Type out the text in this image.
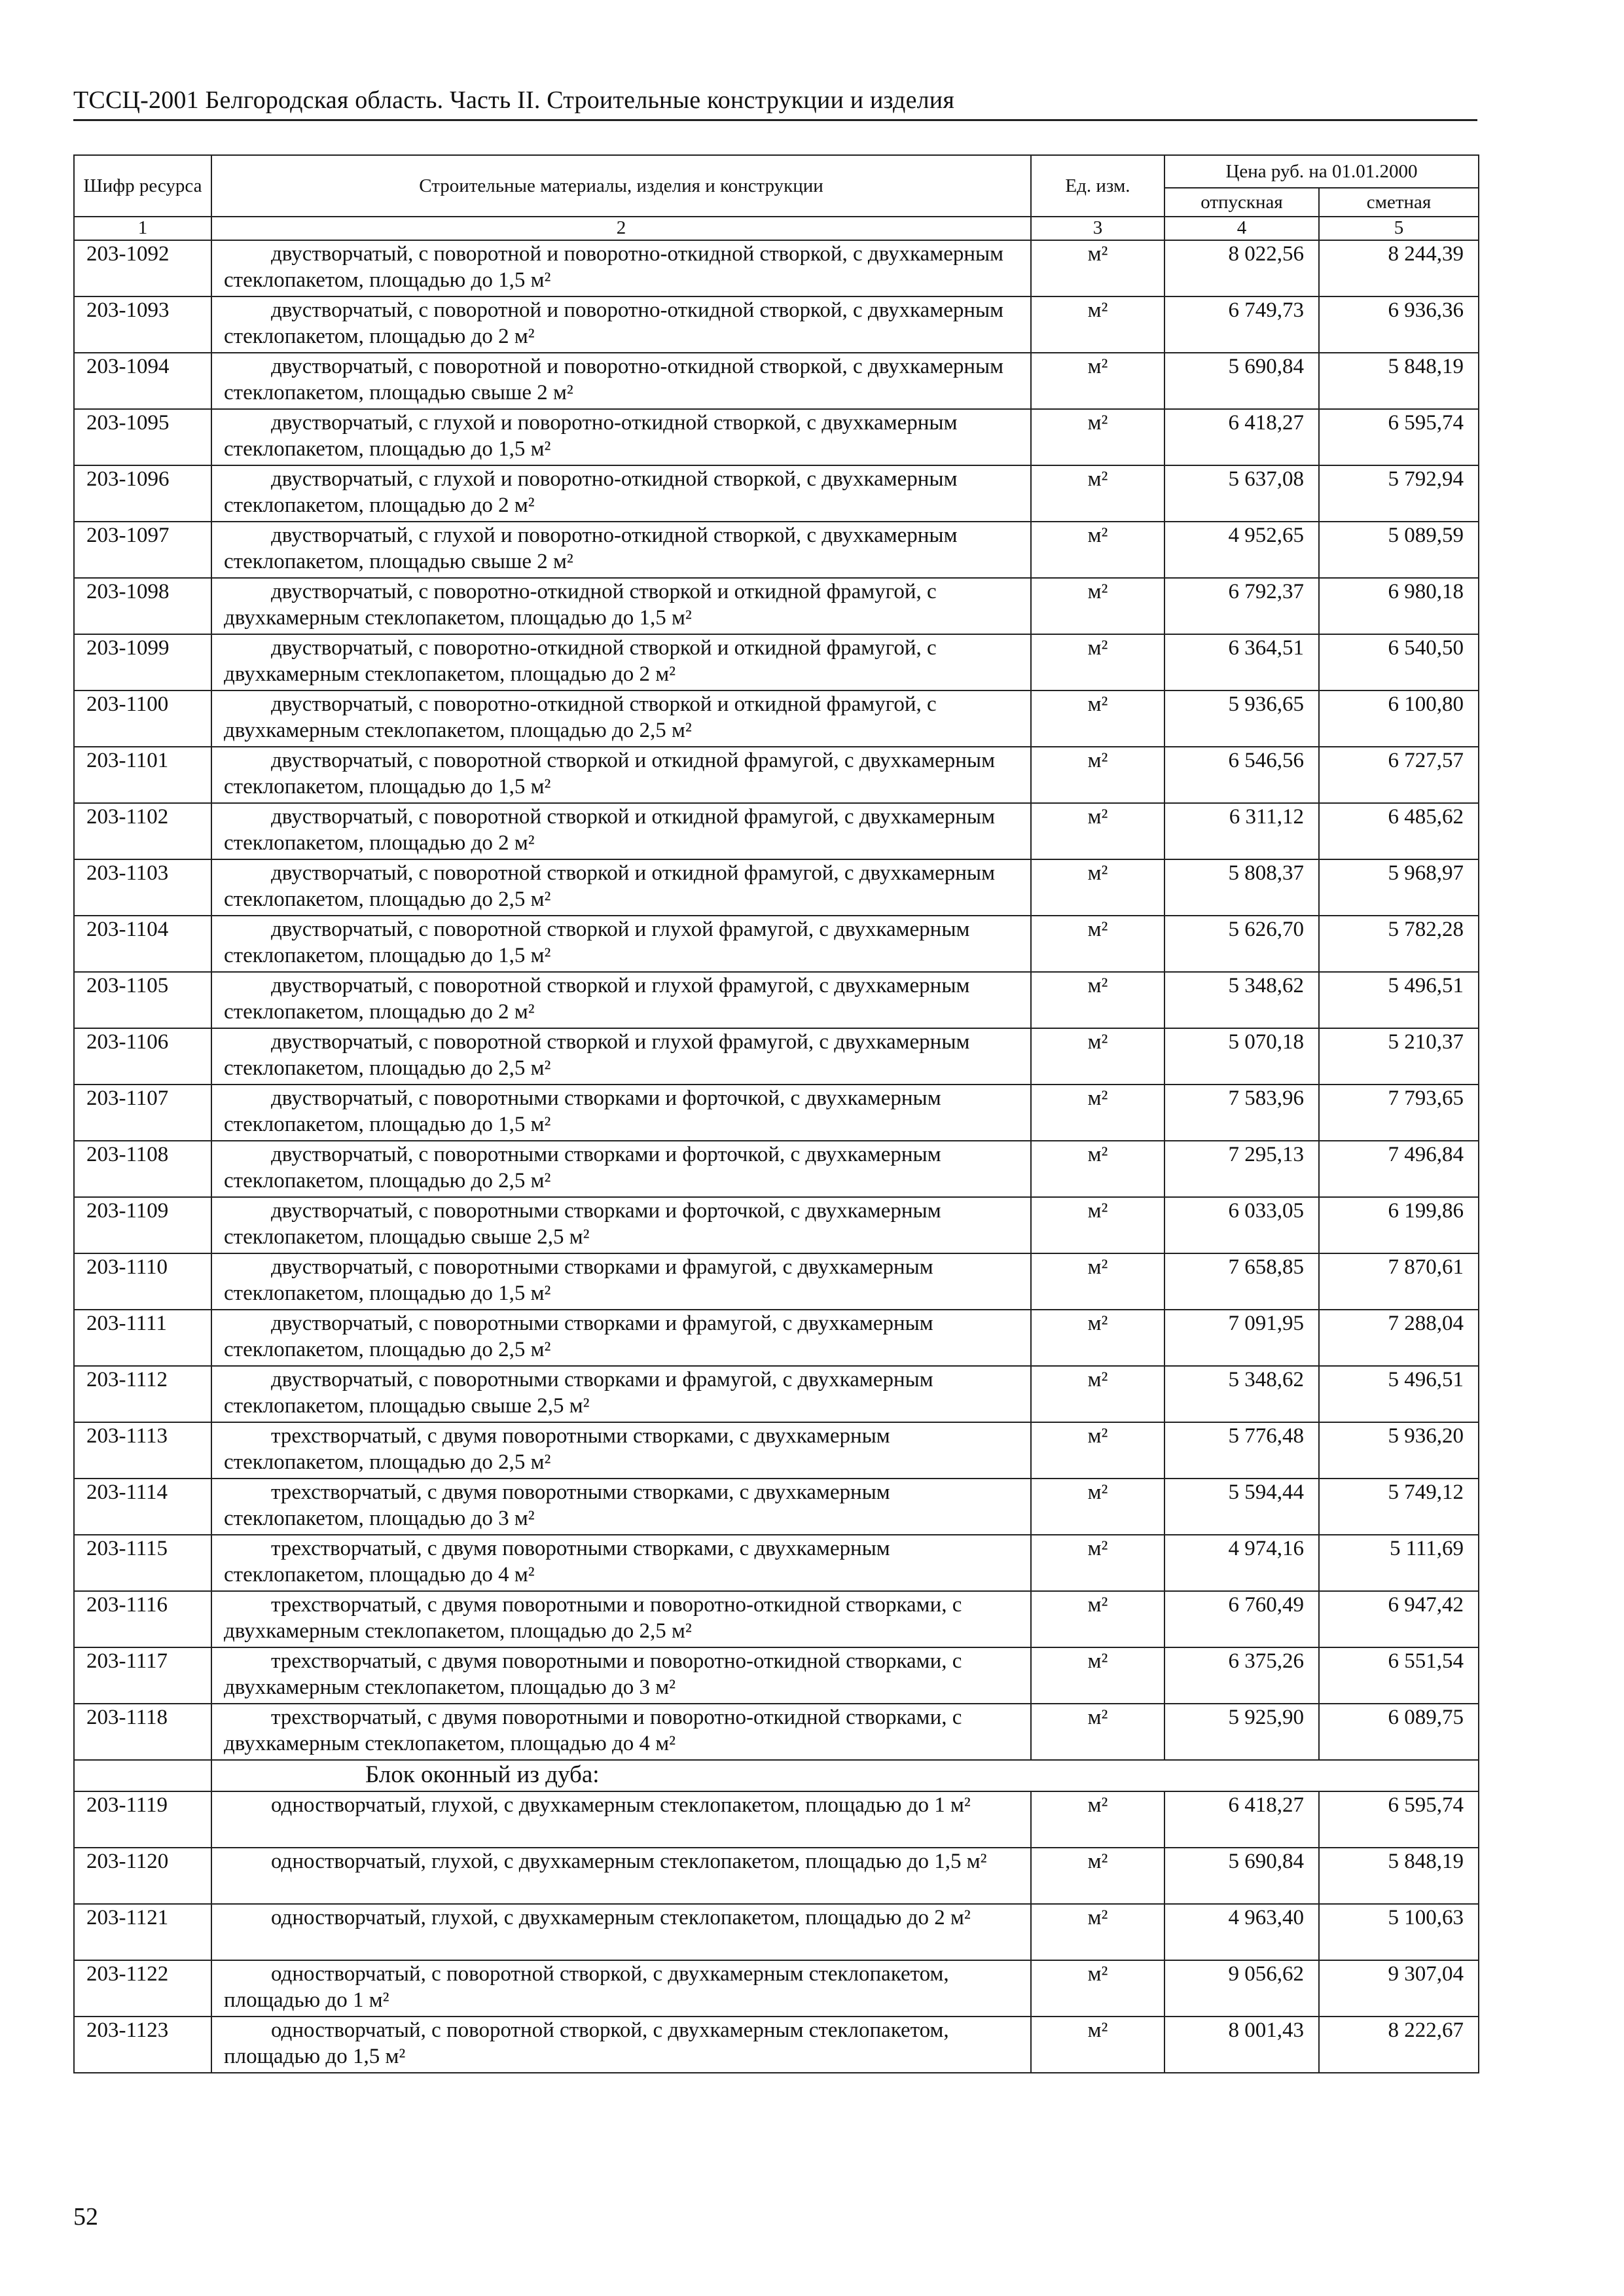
ТССЦ-2001 Белгородская область. Часть II. Строительные конструкции и изделия
Шифр ресурса	Строительные материалы, изделия и конструкции	Ед. изм.	Цена руб. на 01.01.2000	
			отпускная	сметная
1	2	3	4	5
203-1092	двустворчатый, с поворотной и поворотно-откидной створкой, с двухкамерным стеклопакетом, площадью до 1,5 м²	м²	8 022,56	8 244,39
203-1093	двустворчатый, с поворотной и поворотно-откидной створкой, с двухкамерным стеклопакетом, площадью до 2 м²	м²	6 749,73	6 936,36
203-1094	двустворчатый, с поворотной и поворотно-откидной створкой, с двухкамерным стеклопакетом, площадью свыше 2 м²	м²	5 690,84	5 848,19
203-1095	двустворчатый, с глухой и поворотно-откидной створкой, с двухкамерным стеклопакетом, площадью до 1,5 м²	м²	6 418,27	6 595,74
203-1096	двустворчатый, с глухой и поворотно-откидной створкой, с двухкамерным стеклопакетом, площадью до 2 м²	м²	5 637,08	5 792,94
203-1097	двустворчатый, с глухой и поворотно-откидной створкой, с двухкамерным стеклопакетом, площадью свыше 2 м²	м²	4 952,65	5 089,59
203-1098	двустворчатый, с поворотно-откидной створкой и откидной фрамугой, с двухкамерным стеклопакетом, площадью до 1,5 м²	м²	6 792,37	6 980,18
203-1099	двустворчатый, с поворотно-откидной створкой и откидной фрамугой, с двухкамерным стеклопакетом, площадью до 2 м²	м²	6 364,51	6 540,50
203-1100	двустворчатый, с поворотно-откидной створкой и откидной фрамугой, с двухкамерным стеклопакетом, площадью до 2,5 м²	м²	5 936,65	6 100,80
203-1101	двустворчатый, с поворотной створкой и откидной фрамугой, с двухкамерным стеклопакетом, площадью до 1,5 м²	м²	6 546,56	6 727,57
203-1102	двустворчатый, с поворотной створкой и откидной фрамугой, с двухкамерным стеклопакетом, площадью до 2 м²	м²	6 311,12	6 485,62
203-1103	двустворчатый, с поворотной створкой и откидной фрамугой, с двухкамерным стеклопакетом, площадью до 2,5 м²	м²	5 808,37	5 968,97
203-1104	двустворчатый, с поворотной створкой и глухой фрамугой, с двухкамерным стеклопакетом, площадью до 1,5 м²	м²	5 626,70	5 782,28
203-1105	двустворчатый, с поворотной створкой и глухой фрамугой, с двухкамерным стеклопакетом, площадью до 2 м²	м²	5 348,62	5 496,51
203-1106	двустворчатый, с поворотной створкой и глухой фрамугой, с двухкамерным стеклопакетом, площадью до 2,5 м²	м²	5 070,18	5 210,37
203-1107	двустворчатый, с поворотными створками и форточкой, с двухкамерным стеклопакетом, площадью до 1,5 м²	м²	7 583,96	7 793,65
203-1108	двустворчатый, с поворотными створками и форточкой, с двухкамерным стеклопакетом, площадью до 2,5 м²	м²	7 295,13	7 496,84
203-1109	двустворчатый, с поворотными створками и форточкой, с двухкамерным стеклопакетом, площадью свыше 2,5 м²	м²	6 033,05	6 199,86
203-1110	двустворчатый, с поворотными створками и фрамугой, с двухкамерным стеклопакетом, площадью до 1,5 м²	м²	7 658,85	7 870,61
203-1111	двустворчатый, с поворотными створками и фрамугой, с двухкамерным стеклопакетом, площадью до 2,5 м²	м²	7 091,95	7 288,04
203-1112	двустворчатый, с поворотными створками и фрамугой, с двухкамерным стеклопакетом, площадью свыше 2,5 м²	м²	5 348,62	5 496,51
203-1113	трехстворчатый, с двумя поворотными створками, с двухкамерным стеклопакетом, площадью до 2,5 м²	м²	5 776,48	5 936,20
203-1114	трехстворчатый, с двумя поворотными створками, с двухкамерным стеклопакетом, площадью до 3 м²	м²	5 594,44	5 749,12
203-1115	трехстворчатый, с двумя поворотными створками, с двухкамерным стеклопакетом, площадью до 4 м²	м²	4 974,16	5 111,69
203-1116	трехстворчатый, с двумя поворотными и поворотно-откидной створками, с двухкамерным стеклопакетом, площадью до 2,5 м²	м²	6 760,49	6 947,42
203-1117	трехстворчатый, с двумя поворотными и поворотно-откидной створками, с двухкамерным стеклопакетом, площадью до 3 м²	м²	6 375,26	6 551,54
203-1118	трехстворчатый, с двумя поворотными и поворотно-откидной створками, с двухкамерным стеклопакетом, площадью до 4 м²	м²	5 925,90	6 089,75
	Блок оконный из дуба:			
203-1119	одностворчатый, глухой, с двухкамерным стеклопакетом, площадью до 1 м²	м²	6 418,27	6 595,74
203-1120	одностворчатый, глухой, с двухкамерным стеклопакетом, площадью до 1,5 м²	м²	5 690,84	5 848,19
203-1121	одностворчатый, глухой, с двухкамерным стеклопакетом, площадью до 2 м²	м²	4 963,40	5 100,63
203-1122	одностворчатый, с поворотной створкой, с двухкамерным стеклопакетом, площадью до 1 м²	м²	9 056,62	9 307,04
203-1123	одностворчатый, с поворотной створкой, с двухкамерным стеклопакетом, площадью до 1,5 м²	м²	8 001,43	8 222,67
52
